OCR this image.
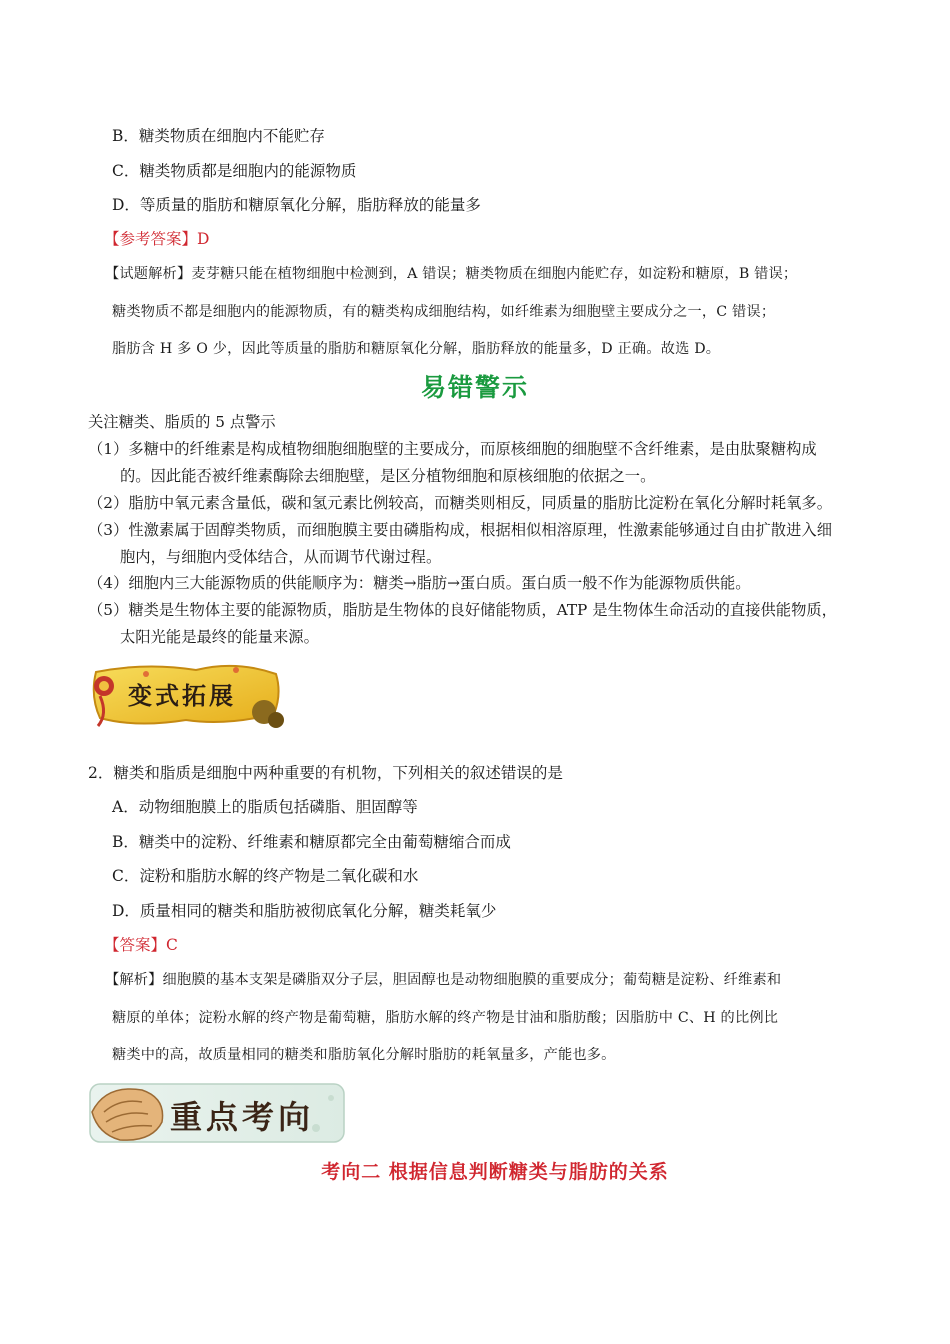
B．糖类物质在细胞内不能贮存
C．糖类物质都是细胞内的能源物质
D．等质量的脂肪和糖原氧化分解，脂肪释放的能量多
【参考答案】D
【试题解析】麦芽糖只能在植物细胞中检测到，A 错误；糖类物质在细胞内能贮存，如淀粉和糖原，B 错误；
糖类物质不都是细胞内的能源物质，有的糖类构成细胞结构，如纤维素为细胞壁主要成分之一，C 错误；
脂肪含 H 多 O 少，因此等质量的脂肪和糖原氧化分解，脂肪释放的能量多，D 正确。故选 D。
易错警示
关注糖类、脂质的 5 点警示
（1）多糖中的纤维素是构成植物细胞细胞壁的主要成分，而原核细胞的细胞壁不含纤维素，是由肽聚糖构成
的。因此能否被纤维素酶除去细胞壁，是区分植物细胞和原核细胞的依据之一。
（2）脂肪中氧元素含量低，碳和氢元素比例较高，而糖类则相反，同质量的脂肪比淀粉在氧化分解时耗氧多。
（3）性激素属于固醇类物质，而细胞膜主要由磷脂构成，根据相似相溶原理，性激素能够通过自由扩散进入细
胞内，与细胞内受体结合，从而调节代谢过程。
（4）细胞内三大能源物质的供能顺序为：糖类→脂肪→蛋白质。蛋白质一般不作为能源物质供能。
（5）糖类是生物体主要的能源物质，脂肪是生物体的良好储能物质，ATP 是生物体生命活动的直接供能物质，
太阳光能是最终的能量来源。
变式拓展
2．糖类和脂质是细胞中两种重要的有机物，下列相关的叙述错误的是
A．动物细胞膜上的脂质包括磷脂、胆固醇等
B．糖类中的淀粉、纤维素和糖原都完全由葡萄糖缩合而成
C．淀粉和脂肪水解的终产物是二氧化碳和水
D．质量相同的糖类和脂肪被彻底氧化分解，糖类耗氧少
【答案】C
【解析】细胞膜的基本支架是磷脂双分子层，胆固醇也是动物细胞膜的重要成分；葡萄糖是淀粉、纤维素和
糖原的单体；淀粉水解的终产物是葡萄糖，脂肪水解的终产物是甘油和脂肪酸；因脂肪中 C、H 的比例比
糖类中的高，故质量相同的糖类和脂肪氧化分解时脂肪的耗氧量多，产能也多。
重点考向
考向二 根据信息判断糖类与脂肪的关系
